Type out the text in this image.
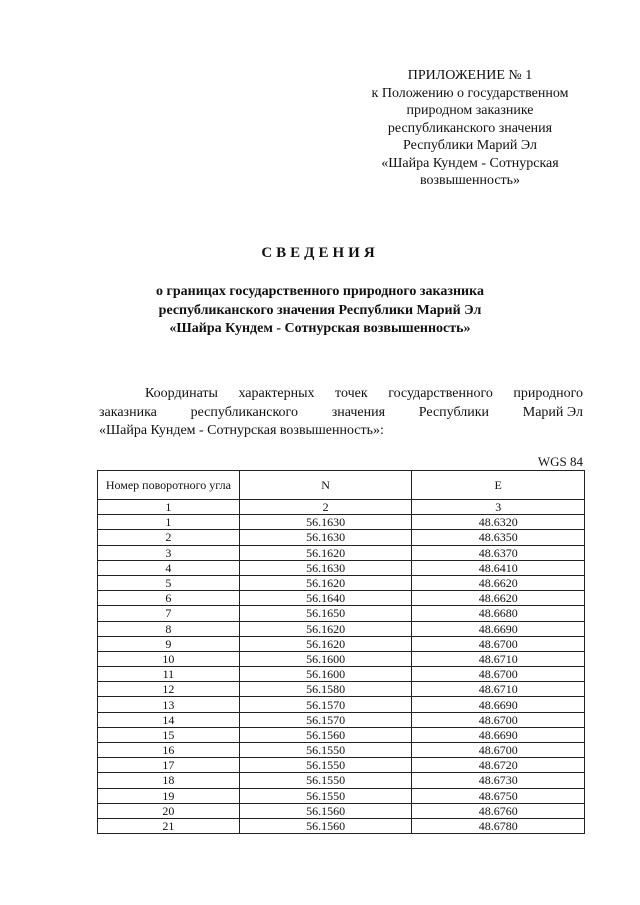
ПРИЛОЖЕНИЕ № 1
к Положению о государственном
природном заказнике
республиканского значения
Республики Марий Эл
«Шайра Кундем - Сотнурская
возвышенность»
СВЕДЕНИЯ
о границах государственного природного заказника
республиканского значения Республики Марий Эл
«Шайра Кундем - Сотнурская возвышенность»
Координаты характерных точек государственного природного
заказника республиканского значения Республики Марий Эл
«Шайра Кундем - Сотнурская возвышенность»:
WGS 84
Номер поворотного угла	N	E
1	2	3
1	56.1630	48.6320
2	56.1630	48.6350
3	56.1620	48.6370
4	56.1630	48.6410
5	56.1620	48.6620
6	56.1640	48.6620
7	56.1650	48.6680
8	56.1620	48.6690
9	56.1620	48.6700
10	56.1600	48.6710
11	56.1600	48.6700
12	56.1580	48.6710
13	56.1570	48.6690
14	56.1570	48.6700
15	56.1560	48.6690
16	56.1550	48.6700
17	56.1550	48.6720
18	56.1550	48.6730
19	56.1550	48.6750
20	56.1560	48.6760
21	56.1560	48.6780
